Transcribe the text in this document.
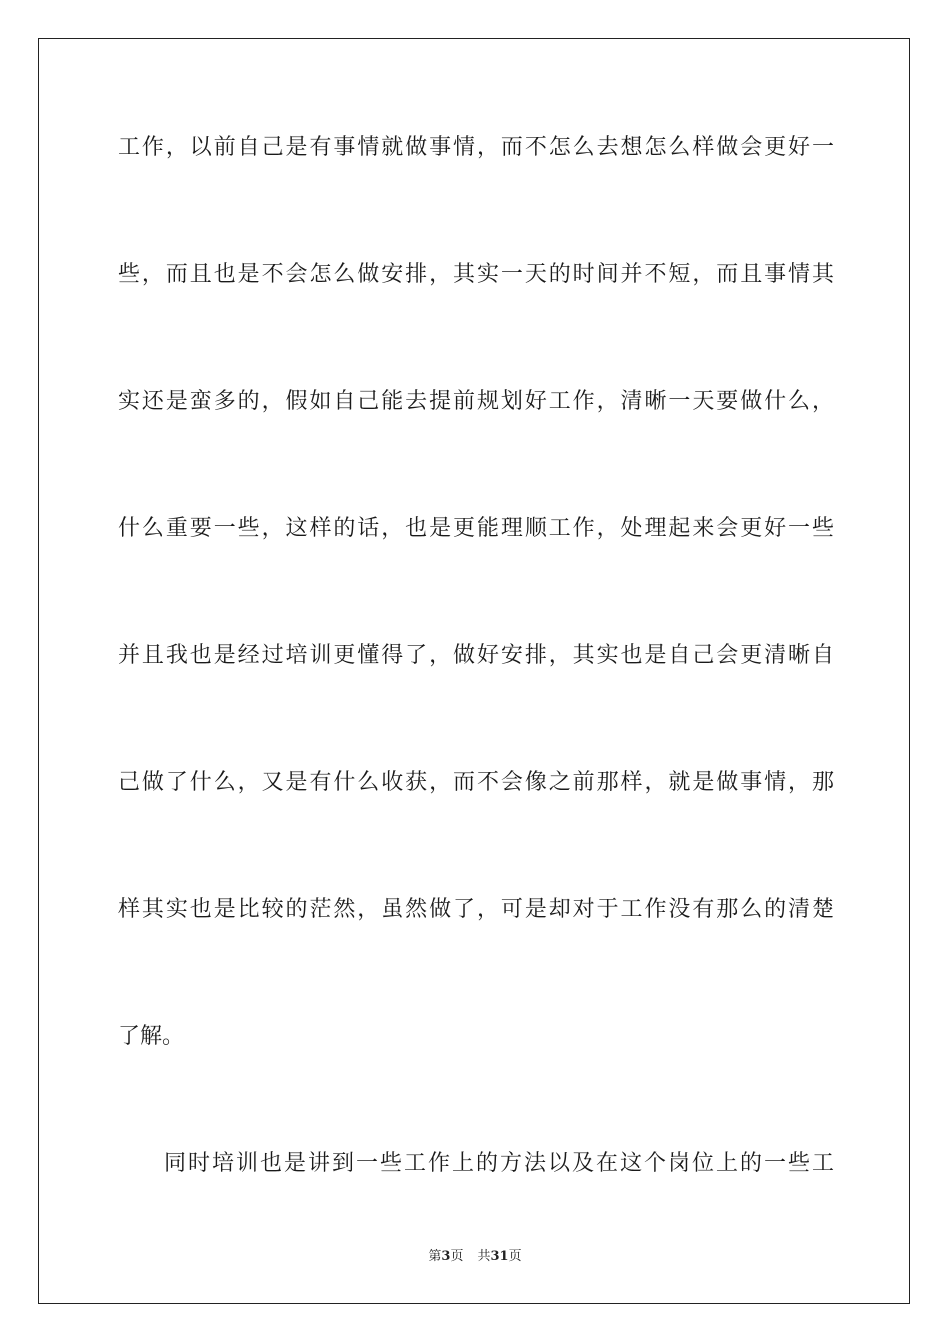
工作，以前自己是有事情就做事情，而不怎么去想怎么样做会更好一
些，而且也是不会怎么做安排，其实一天的时间并不短，而且事情其
实还是蛮多的，假如自己能去提前规划好工作，清晰一天要做什么，
什么重要一些，这样的话，也是更能理顺工作，处理起来会更好一些
并且我也是经过培训更懂得了，做好安排，其实也是自己会更清晰自
己做了什么，又是有什么收获，而不会像之前那样，就是做事情，那
样其实也是比较的茫然，虽然做了，可是却对于工作没有那么的清楚
了解。
同时培训也是讲到一些工作上的方法以及在这个岗位上的一些工
第3页 共31页
